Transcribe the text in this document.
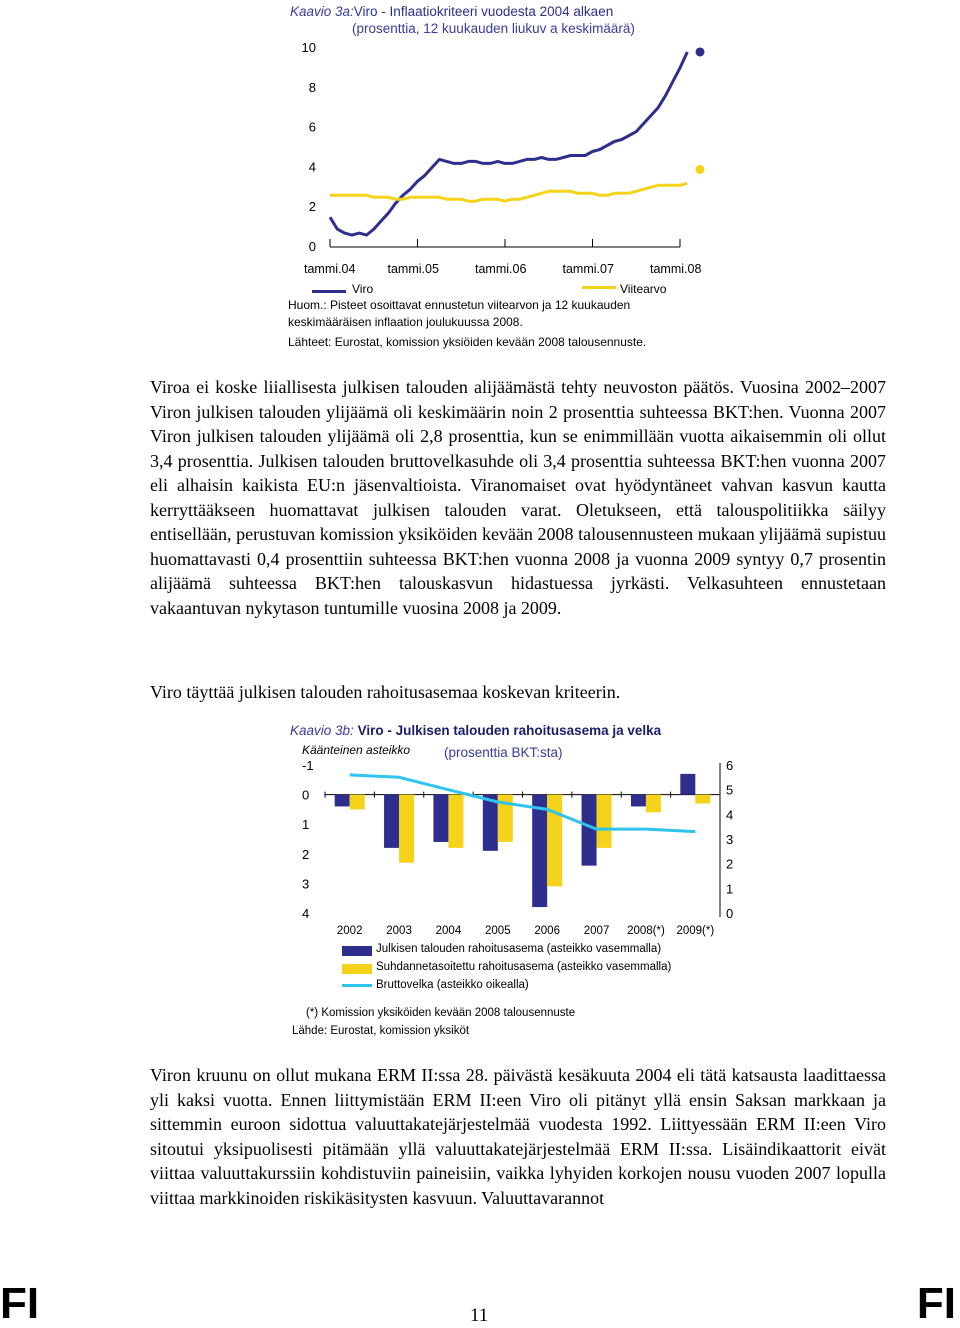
Kaavio 3a:Viro - Inflaatiokriteeri vuodesta 2004 alkaen
(prosenttia, 12 kuukauden liukuv a keskimäärä)
0
2
4
6
8
10
tammi.04	tammi.05	tammi.06	tammi.07	tammi.08
Viro	Viitearvo
Huom.: Pisteet osoittavat ennustetun viitearvon ja 12 kuukauden
keskimääräisen inflaation joulukuussa 2008.
Lähteet: Eurostat, komission yksiöiden kevään 2008 talousennuste.

Viroa ei koske liiallisesta julkisen talouden alijäämästä tehty neuvoston päätös. Vuosina 2002–2007 Viron julkisen talouden ylijäämä oli keskimäärin noin 2 prosenttia suhteessa BKT:hen. Vuonna 2007 Viron julkisen talouden ylijäämä oli 2,8 prosenttia, kun se enimmillään vuotta aikaisemmin oli ollut 3,4 prosenttia. Julkisen talouden bruttovelkasuhde oli 3,4 prosenttia suhteessa BKT:hen vuonna 2007 eli alhaisin kaikista EU:n jäsenvaltioista. Viranomaiset ovat hyödyntäneet vahvan kasvun kautta kerryttääkseen huomattavat julkisen talouden varat. Oletukseen, että talouspolitiikka säilyy entisellään, perustuvan komission yksiköiden kevään 2008 talousennusteen mukaan ylijäämä supistuu huomattavasti 0,4 prosenttiin suhteessa BKT:hen vuonna 2008 ja vuonna 2009 syntyy 0,7 prosentin alijäämä suhteessa BKT:hen talouskasvun hidastuessa jyrkästi. Velkasuhteen ennustetaan vakaantuvan nykytason tuntumille vuosina 2008 ja 2009.

Viro täyttää julkisen talouden rahoitusasemaa koskevan kriteerin.

Kaavio 3b: Viro - Julkisen talouden rahoitusasema ja velka
Käänteinen asteikko	(prosenttia BKT:sta)
-1
0
1
2
3
4
6
5
4
3
2
1
0
2002 2003 2004 2005 2006 2007 2008(*) 2009(*)
Julkisen talouden rahoitusasema (asteikko vasemmalla)
Suhdannetasoitettu rahoitusasema (asteikko vasemmalla)
Bruttovelka (asteikko oikealla)
(*) Komission yksiköiden kevään 2008 talousennuste
Lähde: Eurostat, komission yksiköt

Viron kruunu on ollut mukana ERM II:ssa 28. päivästä kesäkuuta 2004 eli tätä katsausta laadittaessa yli kaksi vuotta. Ennen liittymistään ERM II:een Viro oli pitänyt yllä ensin Saksan markkaan ja sittemmin euroon sidottua valuuttakatejärjestelmää vuodesta 1992. Liittyessään ERM II:een Viro sitoutui yksipuolisesti pitämään yllä valuuttakatejärjestelmää ERM II:ssa. Lisäindikaattorit eivät viittaa valuuttakurssiin kohdistuviin paineisiin, vaikka lyhyiden korkojen nousu vuoden 2007 lopulla viittaa markkinoiden riskikäsitysten kasvuun. Valuuttavarannot

FI	11	FI
